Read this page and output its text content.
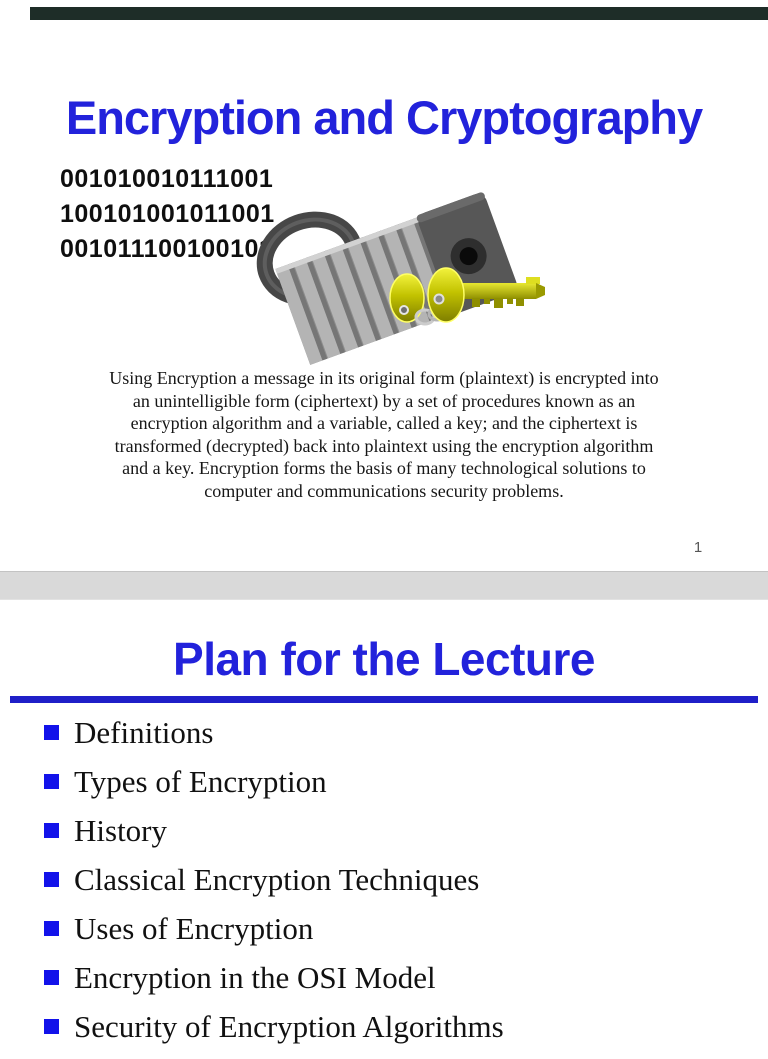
Encryption and Cryptography
001010010111001
100101001011001
001011100100101
Using Encryption a message in its original form (plaintext) is encrypted into
an unintelligible form (ciphertext) by a set of procedures known as an
encryption algorithm and a variable, called a key; and the ciphertext is
transformed (decrypted) back into plaintext using the encryption algorithm
and a key. Encryption forms the basis of many technological solutions to
computer and communications security problems.
1
Plan for the Lecture
Definitions
Types of Encryption
History
Classical Encryption Techniques
Uses of Encryption
Encryption in the OSI Model
Security of Encryption Algorithms
